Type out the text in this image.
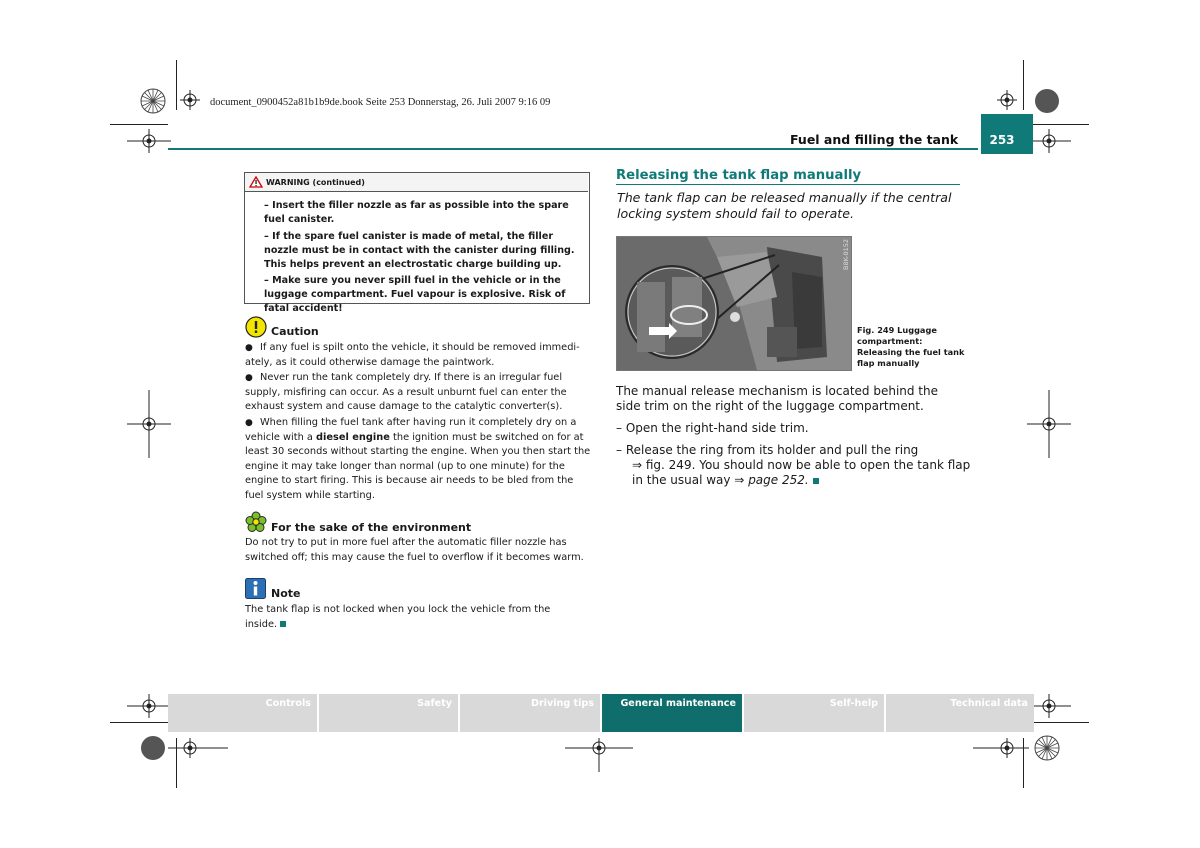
document_0900452a81b1b9de.book Seite 253 Donnerstag, 26. Juli 2007 9:16 09
Fuel and filling the tank	253
WARNING (continued)
– Insert the filler nozzle as far as possible into the spare fuel canister.
– If the spare fuel canister is made of metal, the filler nozzle must be in contact with the canister during filling. This helps prevent an electrostatic charge building up.
– Make sure you never spill fuel in the vehicle or in the luggage compartment. Fuel vapour is explosive. Risk of fatal accident!
Caution
● If any fuel is spilt onto the vehicle, it should be removed immedi-ately, as it could otherwise damage the paintwork.
● Never run the tank completely dry. If there is an irregular fuel supply, misfiring can occur. As a result unburnt fuel can enter the exhaust system and cause damage to the catalytic converter(s).
● When filling the fuel tank after having run it completely dry on a vehicle with a diesel engine the ignition must be switched on for at least 30 seconds without starting the engine. When you then start the engine it may take longer than normal (up to one minute) for the engine to start firing. This is because air needs to be bled from the fuel system while starting.
For the sake of the environment
Do not try to put in more fuel after the automatic filler nozzle has switched off; this may cause the fuel to overflow if it becomes warm.
Note
The tank flap is not locked when you lock the vehicle from the inside.
Releasing the tank flap manually
The tank flap can be released manually if the central locking system should fail to operate.
B8K-0152
Fig. 249 Luggage compartment: Releasing the fuel tank flap manually
The manual release mechanism is located behind the side trim on the right of the luggage compartment.
– Open the right-hand side trim.
– Release the ring from its holder and pull the ring
⇒ fig. 249. You should now be able to open the tank flap
in the usual way ⇒ page 252.
Controls	Safety	Driving tips	General maintenance	Self-help	Technical data
